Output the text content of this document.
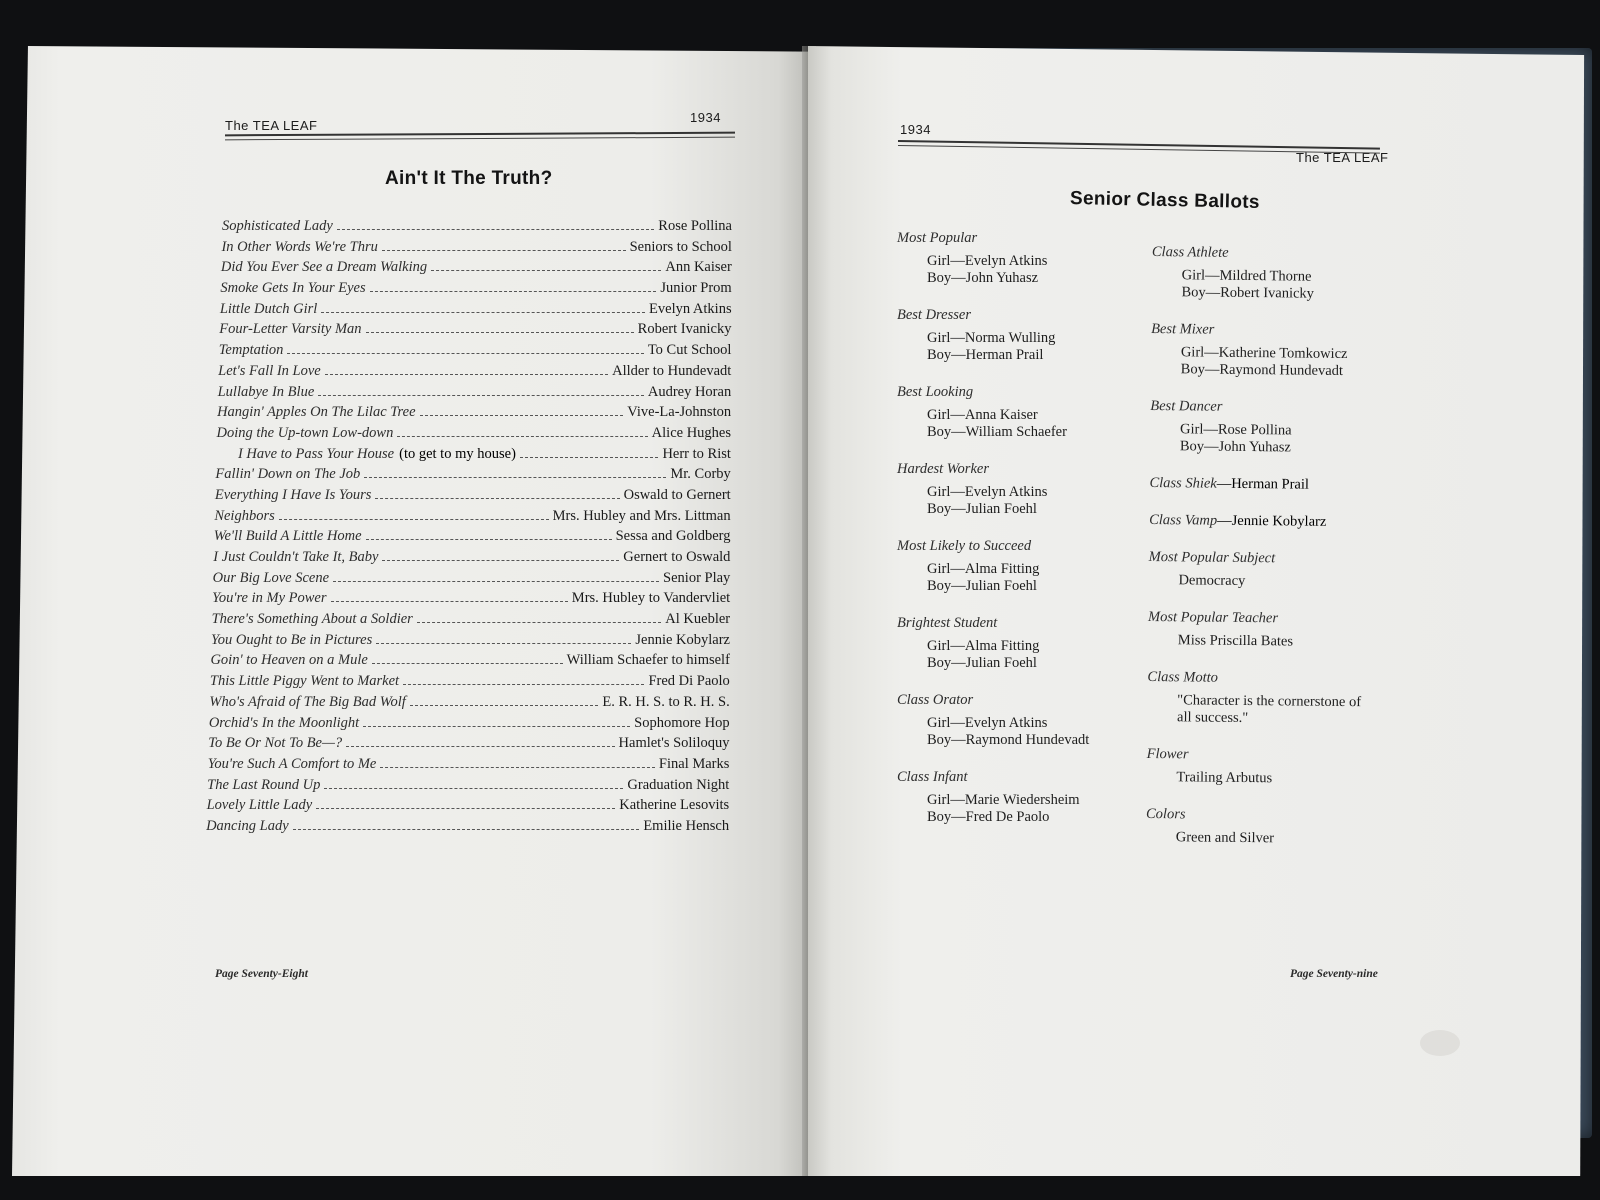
The TEA LEAF
1934
Ain't It The Truth?
Sophisticated Lady	Rose Pollina
In Other Words We're Thru	Seniors to School
Did You Ever See a Dream Walking	Ann Kaiser
Smoke Gets In Your Eyes	Junior Prom
Little Dutch Girl	Evelyn Atkins
Four-Letter Varsity Man	Robert Ivanicky
Temptation	To Cut School
Let's Fall In Love	Allder to Hundevadt
Lullabye In Blue	Audrey Horan
Hangin' Apples On The Lilac Tree	Vive-La-Johnston
Doing the Up-town Low-down	Alice Hughes
I Have to Pass Your House (to get to my house)	Herr to Rist
Fallin' Down on The Job	Mr. Corby
Everything I Have Is Yours	Oswald to Gernert
Neighbors	Mrs. Hubley and Mrs. Littman
We'll Build A Little Home	Sessa and Goldberg
I Just Couldn't Take It, Baby	Gernert to Oswald
Our Big Love Scene	Senior Play
You're in My Power	Mrs. Hubley to Vandervliet
There's Something About a Soldier	Al Kuebler
You Ought to Be in Pictures	Jennie Kobylarz
Goin' to Heaven on a Mule	William Schaefer to himself
This Little Piggy Went to Market	Fred Di Paolo
Who's Afraid of The Big Bad Wolf	E. R. H. S. to R. H. S.
Orchid's In the Moonlight	Sophomore Hop
To Be Or Not To Be—?	Hamlet's Soliloquy
You're Such A Comfort to Me	Final Marks
The Last Round Up	Graduation Night
Lovely Little Lady	Katherine Lesovits
Dancing Lady	Emilie Hensch
Page Seventy-Eight
1934
The TEA LEAF
Senior Class Ballots
Most Popular
Girl—Evelyn Atkins
Boy—John Yuhasz
Best Dresser
Girl—Norma Wulling
Boy—Herman Prail
Best Looking
Girl—Anna Kaiser
Boy—William Schaefer
Hardest Worker
Girl—Evelyn Atkins
Boy—Julian Foehl
Most Likely to Succeed
Girl—Alma Fitting
Boy—Julian Foehl
Brightest Student
Girl—Alma Fitting
Boy—Julian Foehl
Class Orator
Girl—Evelyn Atkins
Boy—Raymond Hundevadt
Class Infant
Girl—Marie Wiedersheim
Boy—Fred De Paolo
Class Athlete
Girl—Mildred Thorne
Boy—Robert Ivanicky
Best Mixer
Girl—Katherine Tomkowicz
Boy—Raymond Hundevadt
Best Dancer
Girl—Rose Pollina
Boy—John Yuhasz
Class Shiek—Herman Prail
Class Vamp—Jennie Kobylarz
Most Popular Subject
Democracy
Most Popular Teacher
Miss Priscilla Bates
Class Motto
"Character is the cornerstone of
all success."
Flower
Trailing Arbutus
Colors
Green and Silver
Page Seventy-nine
